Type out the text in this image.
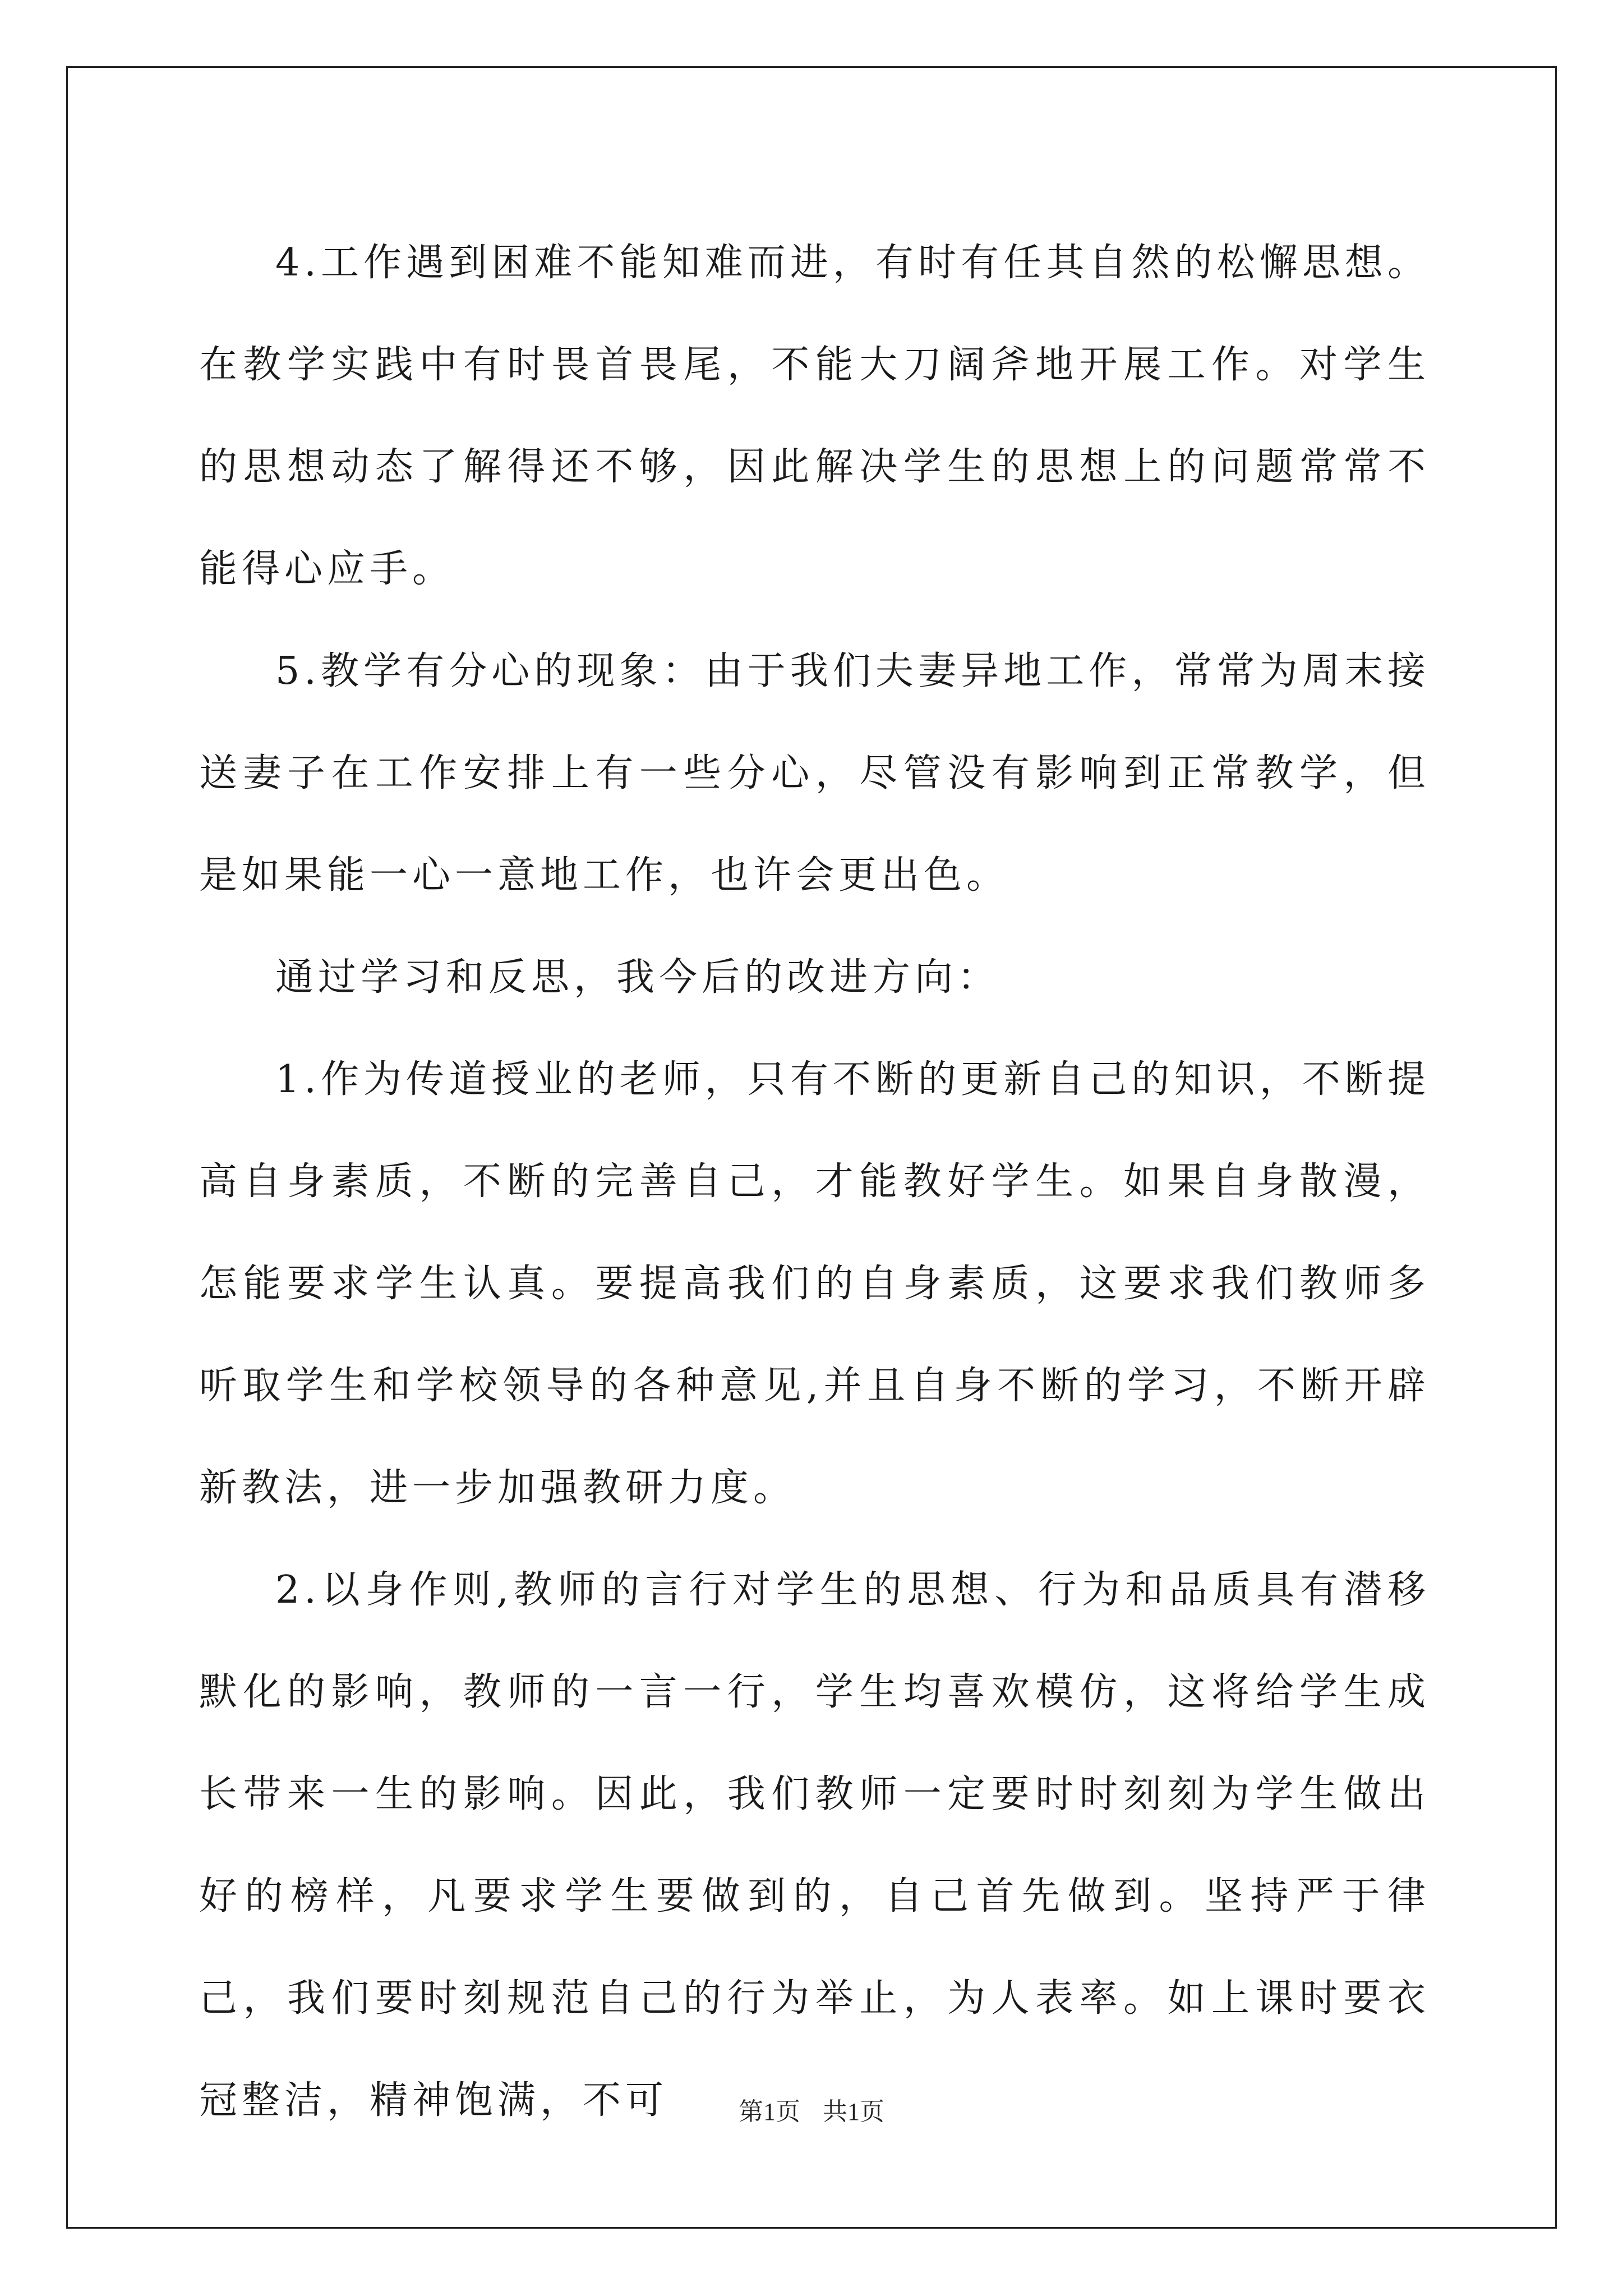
4.工作遇到困难不能知难而进，有时有任其自然的松懈思想。在教学实践中有时畏首畏尾，不能大刀阔斧地开展工作。对学生的思想动态了解得还不够，因此解决学生的思想上的问题常常不能得心应手。

5.教学有分心的现象：由于我们夫妻异地工作，常常为周末接送妻子在工作安排上有一些分心，尽管没有影响到正常教学，但是如果能一心一意地工作，也许会更出色。

通过学习和反思，我今后的改进方向：

1.作为传道授业的老师，只有不断的更新自己的知识，不断提高自身素质，不断的完善自己，才能教好学生。如果自身散漫，怎能要求学生认真。要提高我们的自身素质，这要求我们教师多听取学生和学校领导的各种意见,并且自身不断的学习，不断开辟新教法，进一步加强教研力度。

2.以身作则,教师的言行对学生的思想、行为和品质具有潜移默化的影响，教师的一言一行，学生均喜欢模仿，这将给学生成长带来一生的影响。因此，我们教师一定要时时刻刻为学生做出好的榜样，凡要求学生要做到的，自己首先做到。坚持严于律己，我们要时刻规范自己的行为举止，为人表率。如上课时要衣冠整洁，精神饱满，不可	第1页 共1页
